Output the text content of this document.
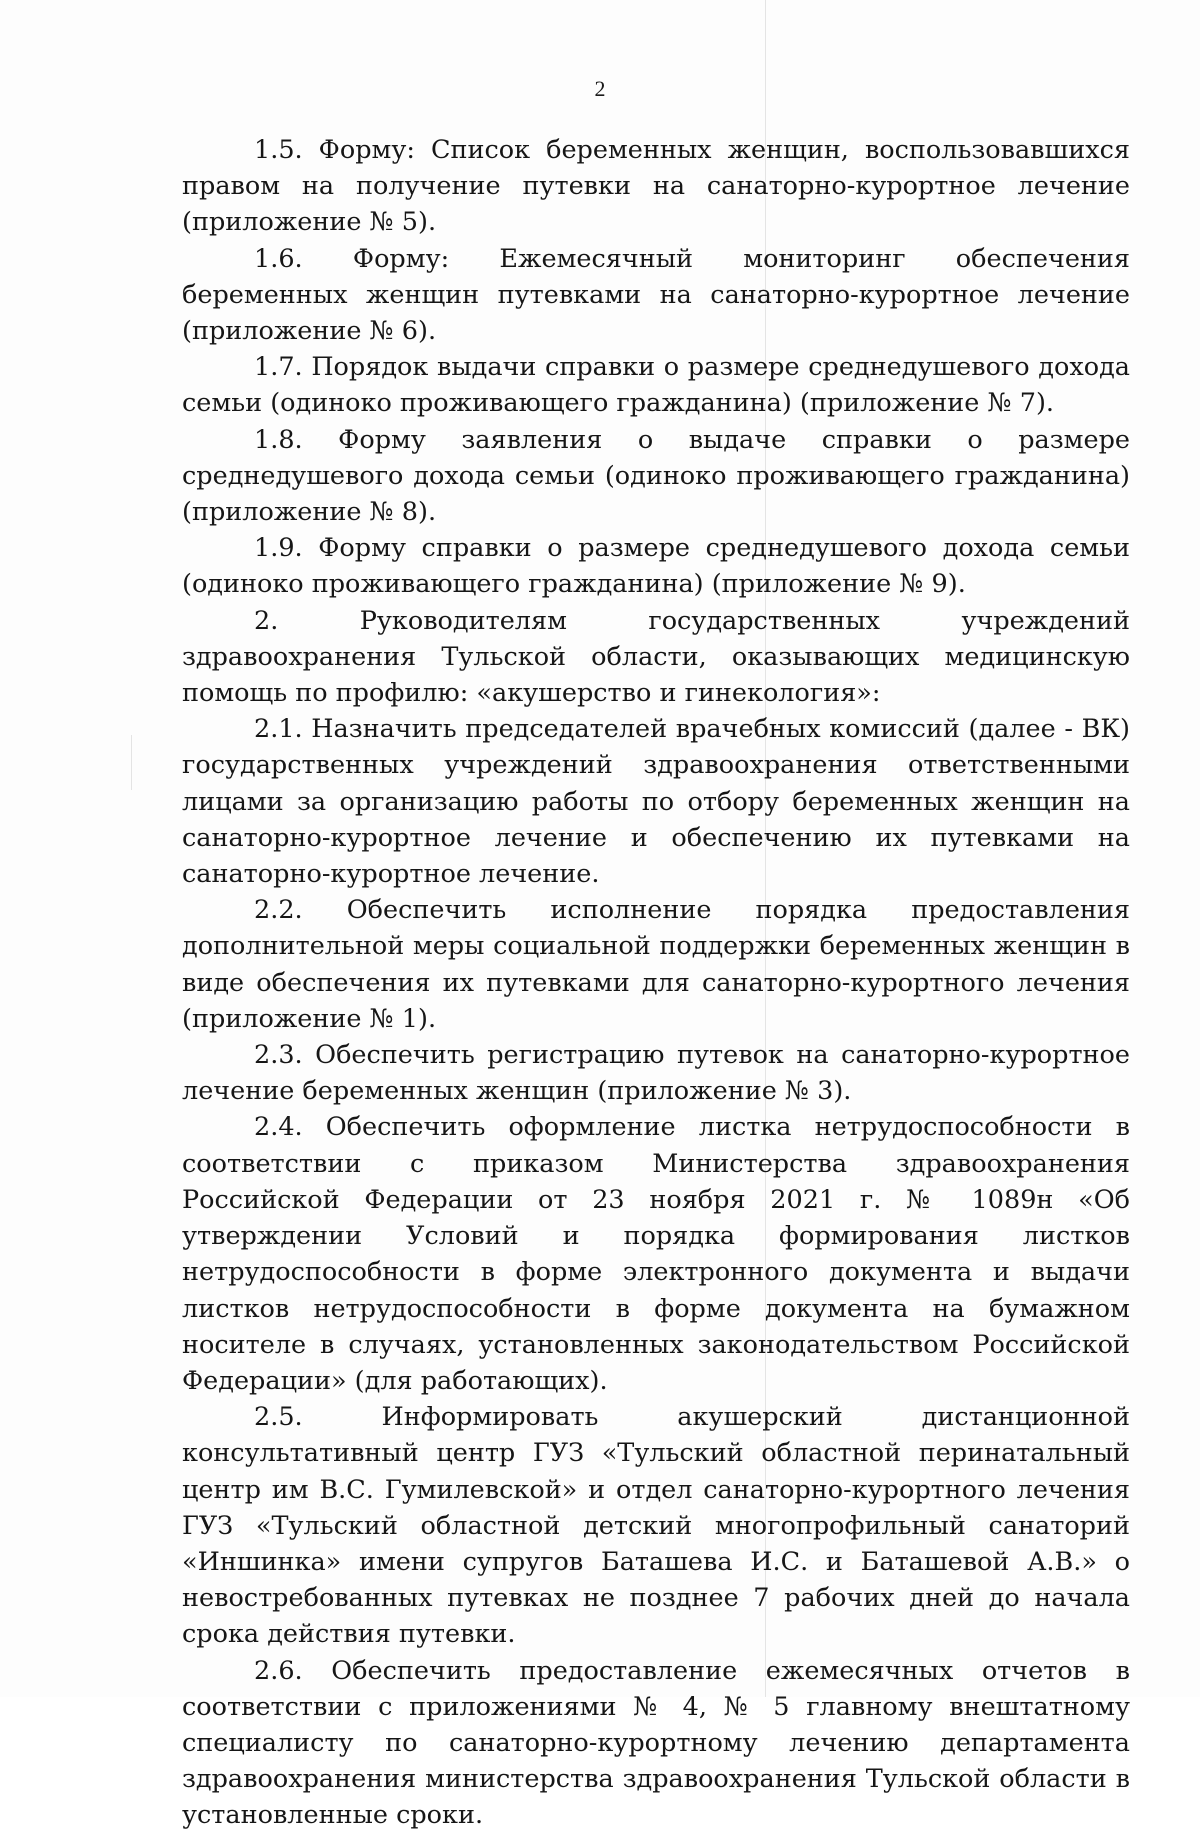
2

1.5. Форму: Список беременных женщин, воспользовавшихся правом на получение путевки на санаторно-курортное лечение (приложение № 5).

1.6. Форму: Ежемесячный мониторинг обеспечения беременных женщин путевками на санаторно-курортное лечение (приложение № 6).

1.7. Порядок выдачи справки о размере среднедушевого дохода семьи (одиноко проживающего гражданина) (приложение № 7).

1.8. Форму заявления о выдаче справки о размере среднедушевого дохода семьи (одиноко проживающего гражданина) (приложение № 8).

1.9. Форму справки о размере среднедушевого дохода семьи (одиноко проживающего гражданина) (приложение № 9).

2. Руководителям государственных учреждений здравоохранения Тульской области, оказывающих медицинскую помощь по профилю: «акушерство и гинекология»:

2.1. Назначить председателей врачебных комиссий (далее - ВК) государственных учреждений здравоохранения ответственными лицами за организацию работы по отбору беременных женщин на санаторно-курортное лечение и обеспечению их путевками на санаторно-курортное лечение.

2.2. Обеспечить исполнение порядка предоставления дополнительной меры социальной поддержки беременных женщин в виде обеспечения их путевками для санаторно-курортного лечения (приложение № 1).

2.3. Обеспечить регистрацию путевок на санаторно-курортное лечение беременных женщин (приложение № 3).

2.4. Обеспечить оформление листка нетрудоспособности в соответствии с приказом Министерства здравоохранения Российской Федерации от 23 ноября 2021 г. № 1089н «Об утверждении Условий и порядка формирования листков нетрудоспособности в форме электронного документа и выдачи листков нетрудоспособности в форме документа на бумажном носителе в случаях, установленных законодательством Российской Федерации» (для работающих).

2.5. Информировать акушерский дистанционной консультативный центр ГУЗ «Тульский областной перинатальный центр им В.С. Гумилевской» и отдел санаторно-курортного лечения ГУЗ «Тульский областной детский многопрофильный санаторий «Иншинка» имени супругов Баташева И.С. и Баташевой А.В.» о невостребованных путевках не позднее 7 рабочих дней до начала срока действия путевки.

2.6. Обеспечить предоставление ежемесячных отчетов в соответствии с приложениями № 4, № 5 главному внештатному специалисту по санаторно-курортному лечению департамента здравоохранения министерства здравоохранения Тульской области в установленные сроки.
